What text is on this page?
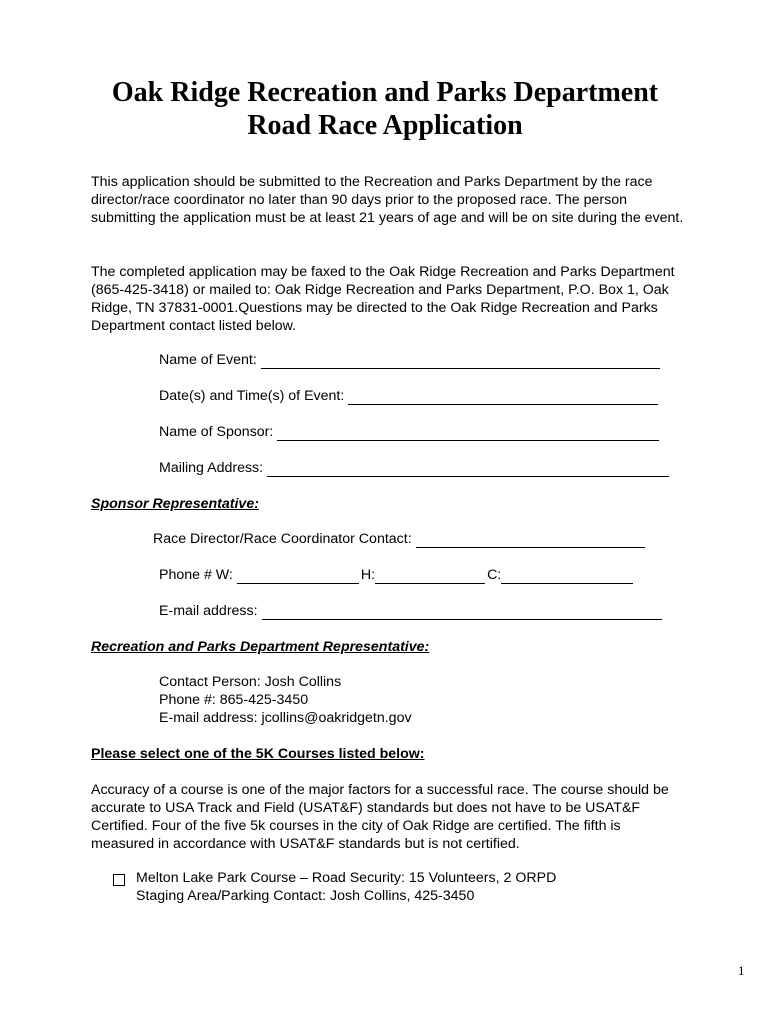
Oak Ridge Recreation and Parks Department
Road Race Application
This application should be submitted to the Recreation and Parks Department by the race director/race coordinator no later than 90 days prior to the proposed race. The person submitting the application must be at least 21 years of age and will be on site during the event.
The completed application may be faxed to the Oak Ridge Recreation and Parks Department (865-425-3418) or mailed to: Oak Ridge Recreation and Parks Department, P.O. Box 1, Oak Ridge, TN 37831-0001.Questions may be directed to the Oak Ridge Recreation and Parks Department contact listed below.
Name of Event:
Date(s) and Time(s) of Event:
Name of Sponsor:
Mailing Address:
Sponsor Representative:
Race Director/Race Coordinator Contact:
Phone # W:	H:	C:
E-mail address:
Recreation and Parks Department Representative:
Contact Person: Josh Collins
Phone #: 865-425-3450
E-mail address: jcollins@oakridgetn.gov
Please select one of the 5K Courses listed below:
Accuracy of a course is one of the major factors for a successful race. The course should be accurate to USA Track and Field (USAT&F) standards but does not have to be USAT&F Certified. Four of the five 5k courses in the city of Oak Ridge are certified. The fifth is measured in accordance with USAT&F standards but is not certified.
Melton Lake Park Course – Road Security: 15 Volunteers, 2 ORPD
Staging Area/Parking Contact: Josh Collins, 425-3450
1
